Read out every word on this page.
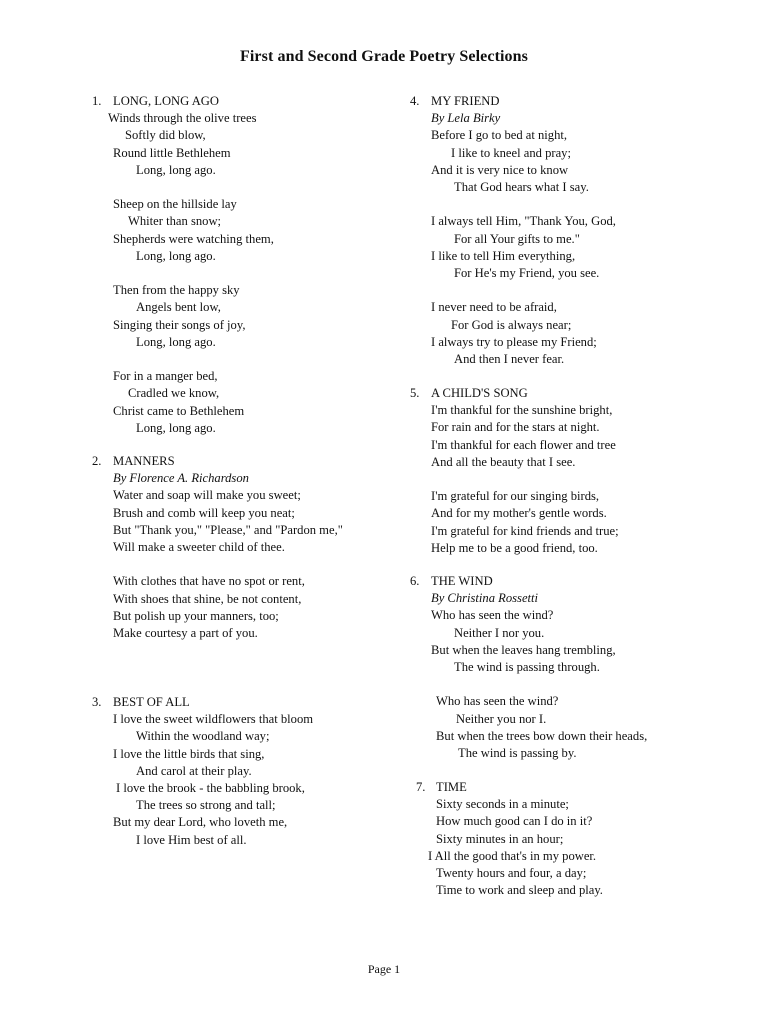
First and Second Grade Poetry Selections
1. LONG, LONG AGO
Winds through the olive trees
Softly did blow,
Round little Bethlehem
Long, long ago.
Sheep on the hillside lay
Whiter than snow;
Shepherds were watching them,
Long, long ago.
Then from the happy sky
Angels bent low,
Singing their songs of joy,
Long, long ago.
For in a manger bed,
Cradled we know,
Christ came to Bethlehem
Long, long ago.
2. MANNERS
By Florence A. Richardson
Water and soap will make you sweet;
Brush and comb will keep you neat;
But "Thank you," "Please," and "Pardon me,"
Will make a sweeter child of thee.
With clothes that have no spot or rent,
With shoes that shine, be not content,
But polish up your manners, too;
Make courtesy a part of you.
3. BEST OF ALL
I love the sweet wildflowers that bloom
Within the woodland way;
I love the little birds that sing,
And carol at their play.
I love the brook - the babbling brook,
The trees so strong and tall;
But my dear Lord, who loveth me,
I love Him best of all.
4. MY FRIEND
By Lela Birky
Before I go to bed at night,
I like to kneel and pray;
And it is very nice to know
That God hears what I say.
I always tell Him, "Thank You, God,
For all Your gifts to me."
I like to tell Him everything,
For He's my Friend, you see.
I never need to be afraid,
For God is always near;
I always try to please my Friend;
And then I never fear.
5. A CHILD'S SONG
I'm thankful for the sunshine bright,
For rain and for the stars at night.
I'm thankful for each flower and tree
And all the beauty that I see.
I'm grateful for our singing birds,
And for my mother's gentle words.
I'm grateful for kind friends and true;
Help me to be a good friend, too.
6. THE WIND
By Christina Rossetti
Who has seen the wind?
Neither I nor you.
But when the leaves hang trembling,
The wind is passing through.
Who has seen the wind?
Neither you nor I.
But when the trees bow down their heads,
The wind is passing by.
7. TIME
Sixty seconds in a minute;
How much good can I do in it?
Sixty minutes in an hour;
I All the good that's in my power.
Twenty hours and four, a day;
Time to work and sleep and play.
Page 1
